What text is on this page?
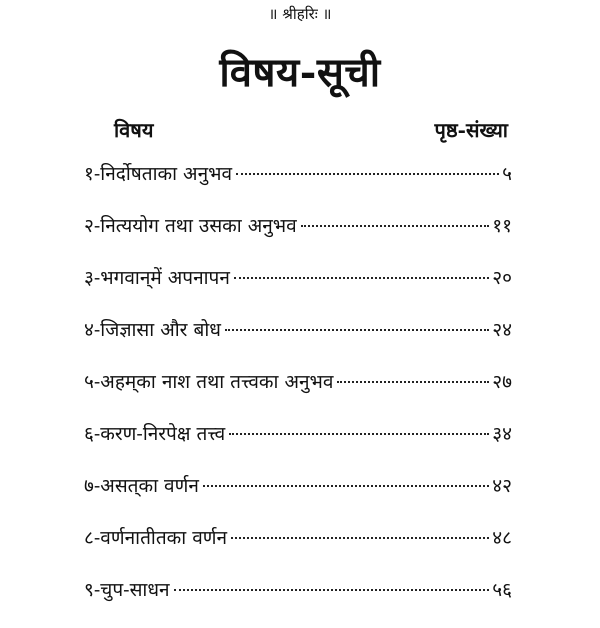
॥ श्रीहरिः ॥
विषय-सूची
विषय	पृष्ठ-संख्या
१-निर्दोषताका अनुभव	५
२-नित्ययोग तथा उसका अनुभव	११
३-भगवान्‌में अपनापन	२०
४-जिज्ञासा और बोध	२४
५-अहम्‌का नाश तथा तत्त्वका अनुभव	२७
६-करण-निरपेक्ष तत्त्व	३४
७-असत्‌का वर्णन	४२
८-वर्णनातीतका वर्णन	४८
९-चुप-साधन	५६
